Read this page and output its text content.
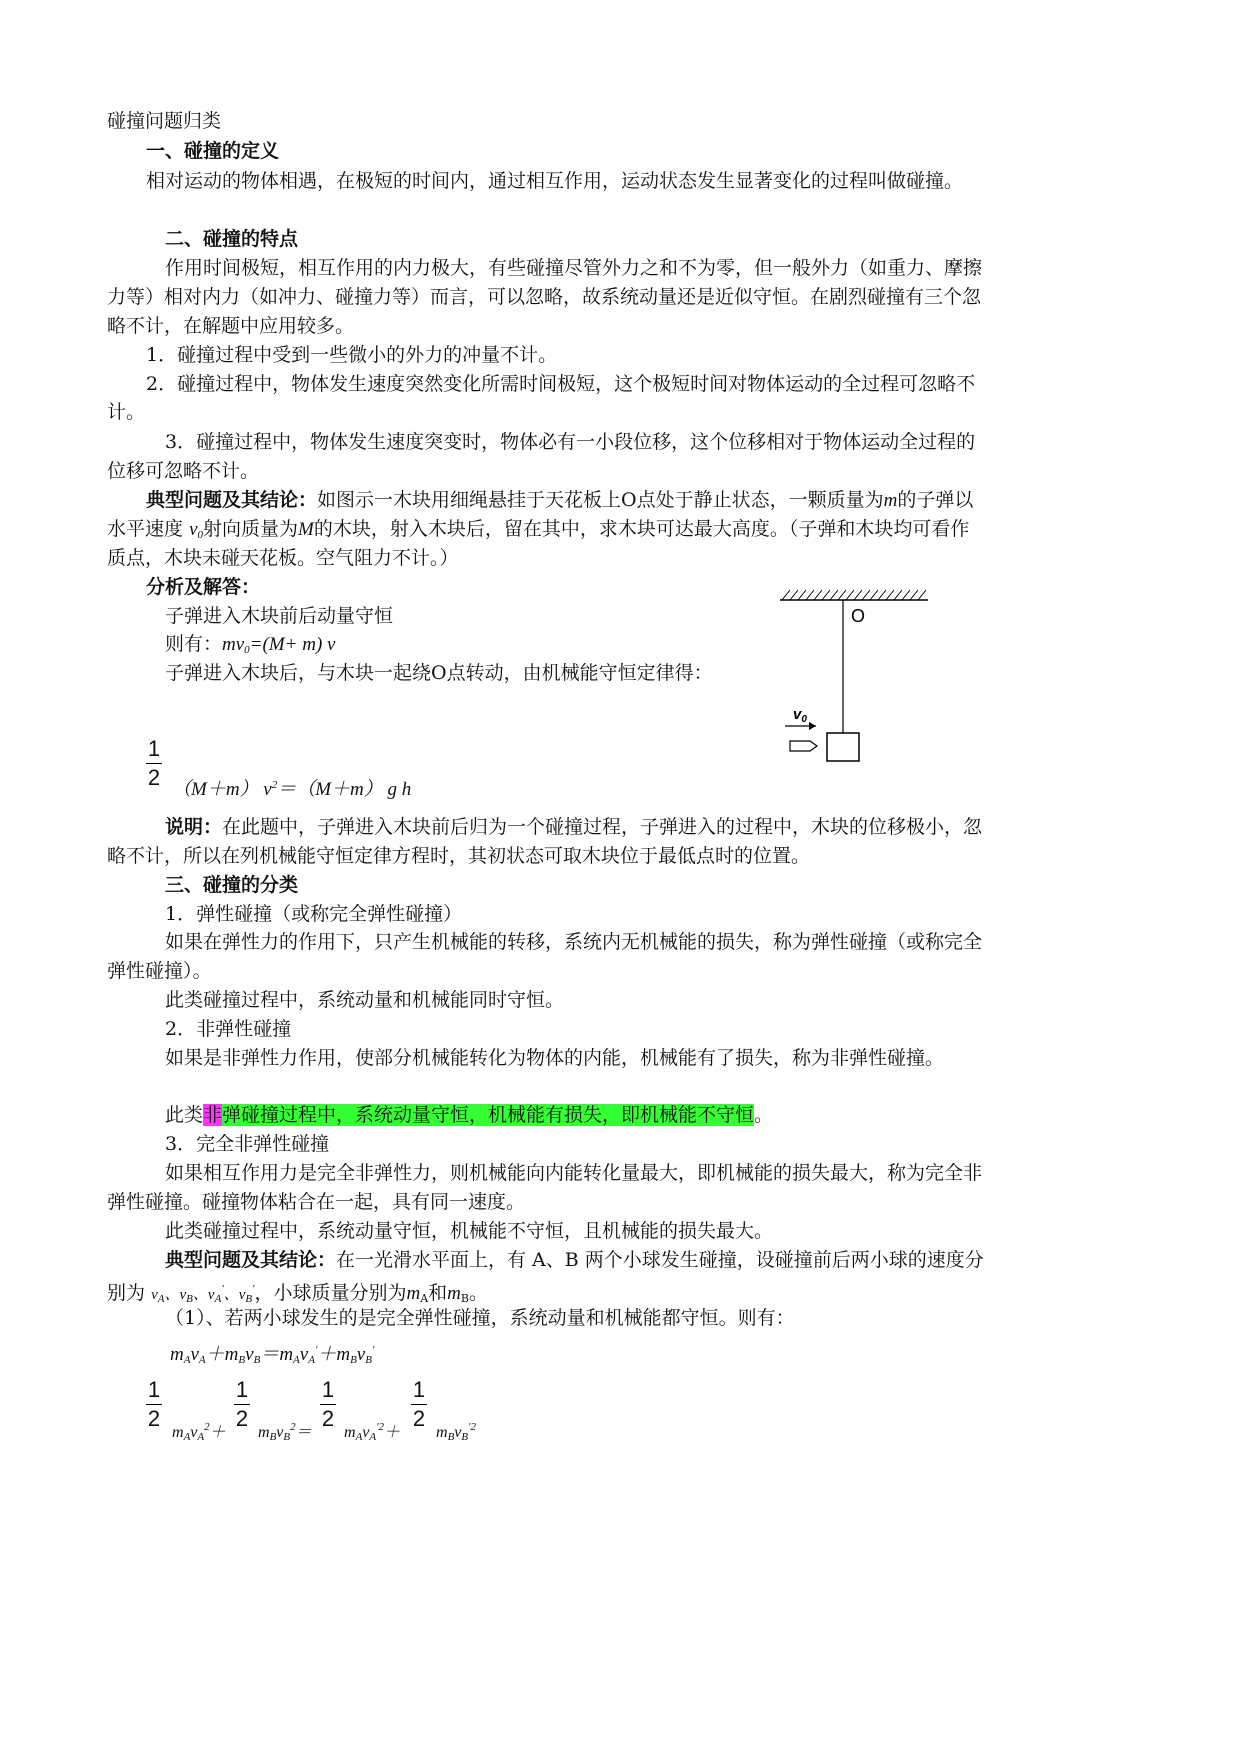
碰撞问题归类
一、碰撞的定义
相对运动的物体相遇，在极短的时间内，通过相互作用，运动状态发生显著变化的过程叫做碰撞。
二、碰撞的特点
作用时间极短，相互作用的内力极大，有些碰撞尽管外力之和不为零，但一般外力（如重力、摩擦
力等）相对内力（如冲力、碰撞力等）而言，可以忽略，故系统动量还是近似守恒。在剧烈碰撞有三个忽
略不计，在解题中应用较多。
1．碰撞过程中受到一些微小的外力的冲量不计。
2．碰撞过程中，物体发生速度突然变化所需时间极短，这个极短时间对物体运动的全过程可忽略不
计。
3．碰撞过程中，物体发生速度突变时，物体必有一小段位移，这个位移相对于物体运动全过程的
位移可忽略不计。
典型问题及其结论：如图示一木块用细绳悬挂于天花板上O点处于静止状态，一颗质量为m的子弹以
水平速度 $v_0$射向质量为M的木块，射入木块后，留在其中，求木块可达最大高度。（子弹和木块均可看作
质点，木块未碰天花板。空气阻力不计。）
分析及解答：
子弹进入木块前后动量守恒
则有：$mv_0=(M+ m)$ v
子弹进入木块后，与木块一起绕O点转动，由机械能守恒定律得：
O
$v_0$
1
2 （M＋m） $v^2=(M+m)$ g h
说明：在此题中，子弹进入木块前后归为一个碰撞过程，子弹进入的过程中，木块的位移极小，忽
略不计，所以在列机械能守恒定律方程时，其初状态可取木块位于最低点时的位置。
三、碰撞的分类
1．弹性碰撞（或称完全弹性碰撞）
如果在弹性力的作用下，只产生机械能的转移，系统内无机械能的损失，称为弹性碰撞（或称完全
弹性碰撞）。
此类碰撞过程中，系统动量和机械能同时守恒。
2．非弹性碰撞
如果是非弹性力作用，使部分机械能转化为物体的内能，机械能有了损失，称为非弹性碰撞。
此类非弹碰撞过程中，系统动量守恒，机械能有损失，即机械能不守恒。
3．完全非弹性碰撞
如果相互作用力是完全非弹性力，则机械能向内能转化量最大，即机械能的损失最大，称为完全非
弹性碰撞。碰撞物体粘合在一起，具有同一速度。
此类碰撞过程中，系统动量守恒，机械能不守恒，且机械能的损失最大。
典型问题及其结论：在一光滑水平面上，有 A、B 两个小球发生碰撞，设碰撞前后两小球的速度分
别为 $v_A$、$v_B$、$v_A'$、$v_B'$，小球质量分别为$m_A$和$m_B$。
（1）、若两小球发生的是完全弹性碰撞，系统动量和机械能都守恒。则有：
$m_Av_A+m_Bv_B=m_Av_A'+m_Bv_B'$
1
2
$m_Av_A^2+$
1
2
$m_Bv_B^2=$
1
2
$m_Av_A^{'2}+$
1
2
$m_Bv_B^{'2}$
